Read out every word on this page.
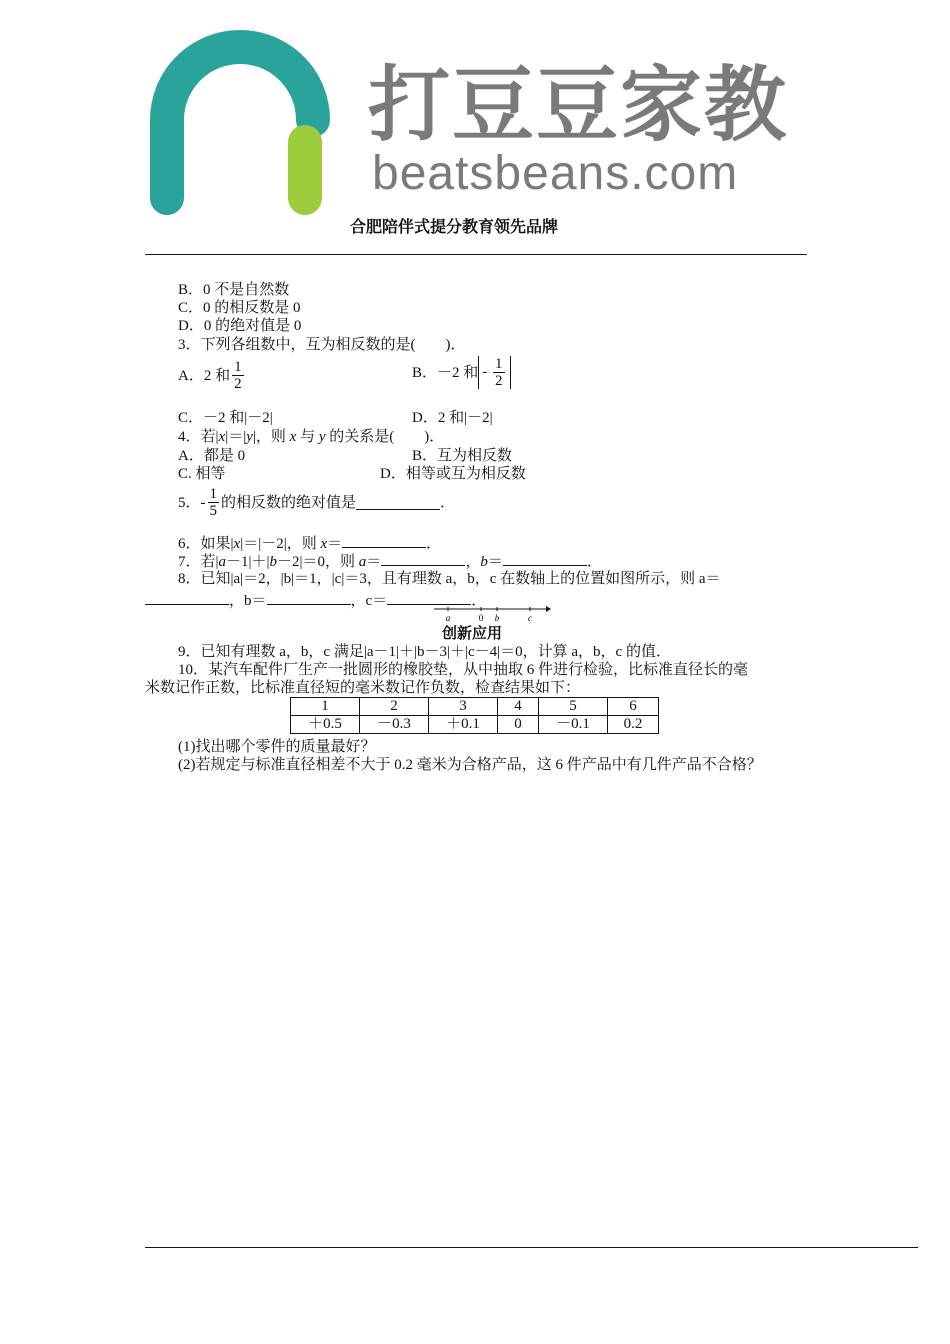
打豆豆家教
beatsbeans.com
合肥陪伴式提分教育领先品牌
B．0 不是自然数
C．0 的相反数是 0
D．0 的绝对值是 0
3．下列各组数中，互为相反数的是(　　)．
A．2 和 $\frac{1}{2}$	B．－2 和 - $\frac{1}{2}$
C．－2 和|－2|	D．2 和|－2|
4．若|x|＝|y|，则 x 与 y 的关系是(　　)．
A．都是 0	B．互为相反数
C. 相等	D．相等或互为相反数
5．- $\frac{1}{5}$ 的相反数的绝对值是	．
6．如果|x|＝|－2|，则 x＝	．
7．若|a－1|＋|b－2|＝0，则 a＝	，b＝	．
8．已知|a|＝2，|b|＝1，|c|＝3，且有理数 a，b，c 在数轴上的位置如图所示，则 a＝
，b＝	，c＝	．
a	0 b	c
创新应用
9．已知有理数 a，b，c 满足|a－1|＋|b－3|＋|c－4|＝0，计算 a，b，c 的值．
10．某汽车配件厂生产一批圆形的橡胶垫，从中抽取 6 件进行检验，比标准直径长的毫
米数记作正数，比标准直径短的毫米数记作负数，检查结果如下：
1	2	3	4	5	6
＋0.5	－0.3	＋0.1	0	－0.1	0.2
(1)找出哪个零件的质量最好？
(2)若规定与标准直径相差不大于 0.2 毫米为合格产品，这 6 件产品中有几件产品不合格？
